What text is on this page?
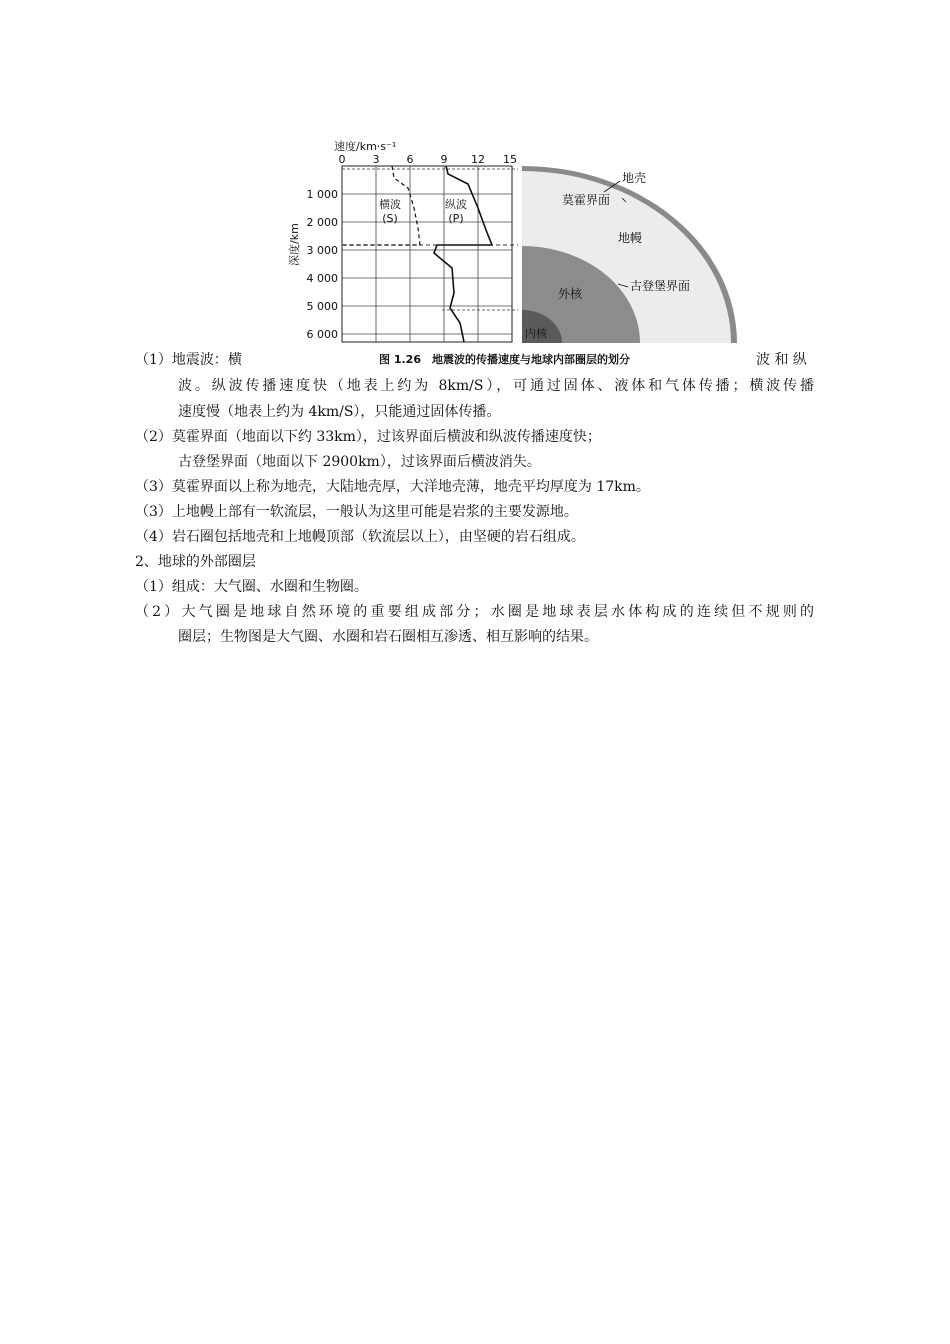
速度/km·s⁻¹
0 3 6 9 12 15
1 000
2 000
3 000
4 000
5 000
6 000
深度/km
横波
(S)
纵波
(P)
地壳
莫霍界面
地幔
古登堡界面
外核
内核
图 1.26　地震波的传播速度与地球内部圈层的划分
（1）地震波：横	波 和 纵
波。纵波传播速度快（地表上约为 8km/S），可通过固体、液体和气体传播；横波传播
速度慢（地表上约为 4km/S），只能通过固体传播。
（2）莫霍界面（地面以下约 33km），过该界面后横波和纵波传播速度快；
古登堡界面（地面以下 2900km），过该界面后横波消失。
（3）莫霍界面以上称为地壳，大陆地壳厚，大洋地壳薄，地壳平均厚度为 17km。
（3）上地幔上部有一软流层，一般认为这里可能是岩浆的主要发源地。
（4）岩石圈包括地壳和上地幔顶部（软流层以上），由坚硬的岩石组成。
2、地球的外部圈层
（1）组成：大气圈、水圈和生物圈。
（2）大气圈是地球自然环境的重要组成部分；水圈是地球表层水体构成的连续但不规则的
圈层；生物图是大气圈、水圈和岩石圈相互渗透、相互影响的结果。
